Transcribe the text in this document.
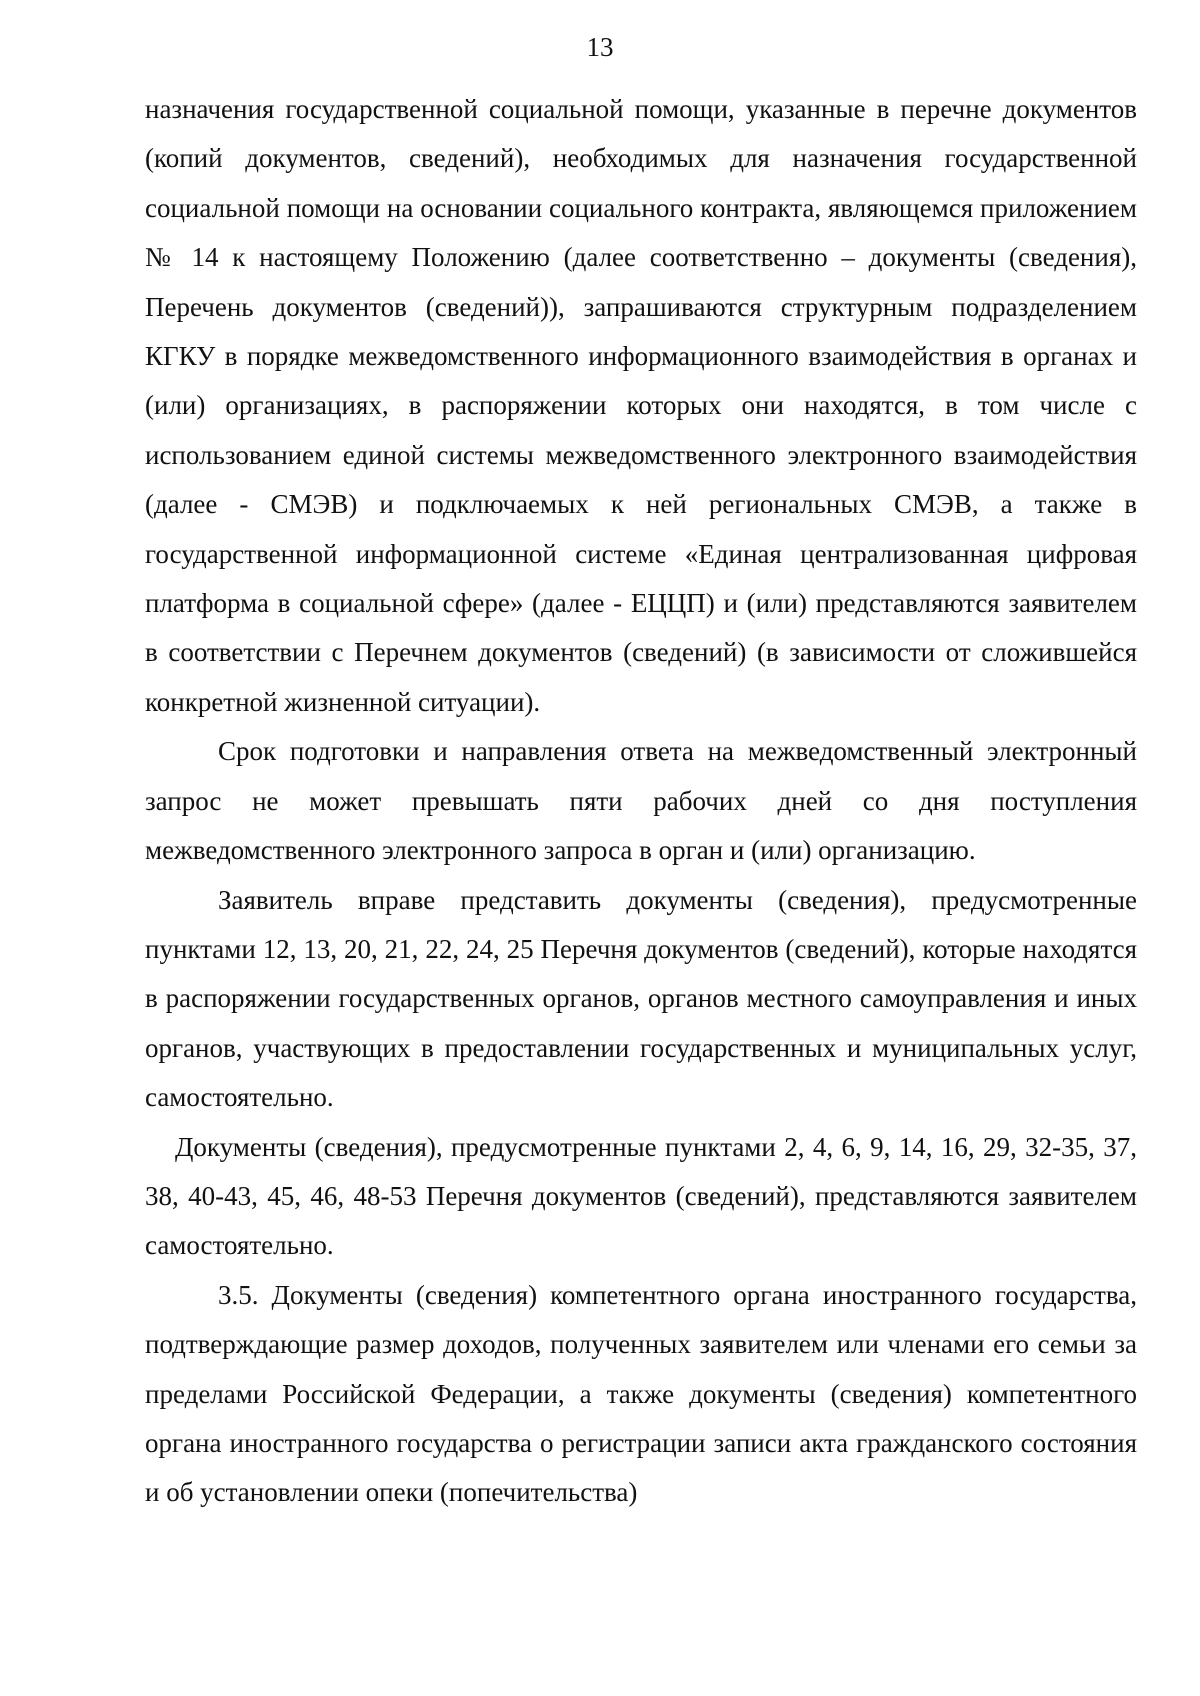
13

назначения государственной социальной помощи, указанные в перечне документов (копий документов, сведений), необходимых для назначения государственной социальной помощи на основании социального контракта, являющемся приложением № 14 к настоящему Положению (далее соответственно – документы (сведения), Перечень документов (сведений)), запрашиваются структурным подразделением КГКУ в порядке межведомственного информационного взаимодействия в органах и (или) организациях, в распоряжении которых они находятся, в том числе с использованием единой системы межведомственного электронного взаимодействия (далее - СМЭВ) и подключаемых к ней региональных СМЭВ, а также в государственной информационной системе «Единая централизованная цифровая платформа в социальной сфере» (далее - ЕЦЦП) и (или) представляются заявителем в соответствии с Перечнем документов (сведений) (в зависимости от сложившейся конкретной жизненной ситуации).

Срок подготовки и направления ответа на межведомственный электронный запрос не может превышать пяти рабочих дней со дня поступления межведомственного электронного запроса в орган и (или) организацию.

Заявитель вправе представить документы (сведения), предусмотренные пунктами 12, 13, 20, 21, 22, 24, 25 Перечня документов (сведений), которые находятся в распоряжении государственных органов, органов местного самоуправления и иных органов, участвующих в предоставлении государственных и муниципальных услуг, самостоятельно.

Документы (сведения), предусмотренные пунктами 2, 4, 6, 9, 14, 16, 29, 32-35, 37, 38, 40-43, 45, 46, 48-53 Перечня документов (сведений), представляются заявителем самостоятельно.

3.5. Документы (сведения) компетентного органа иностранного государства, подтверждающие размер доходов, полученных заявителем или членами его семьи за пределами Российской Федерации, а также документы (сведения) компетентного органа иностранного государства о регистрации записи акта гражданского состояния и об установлении опеки (попечительства)
